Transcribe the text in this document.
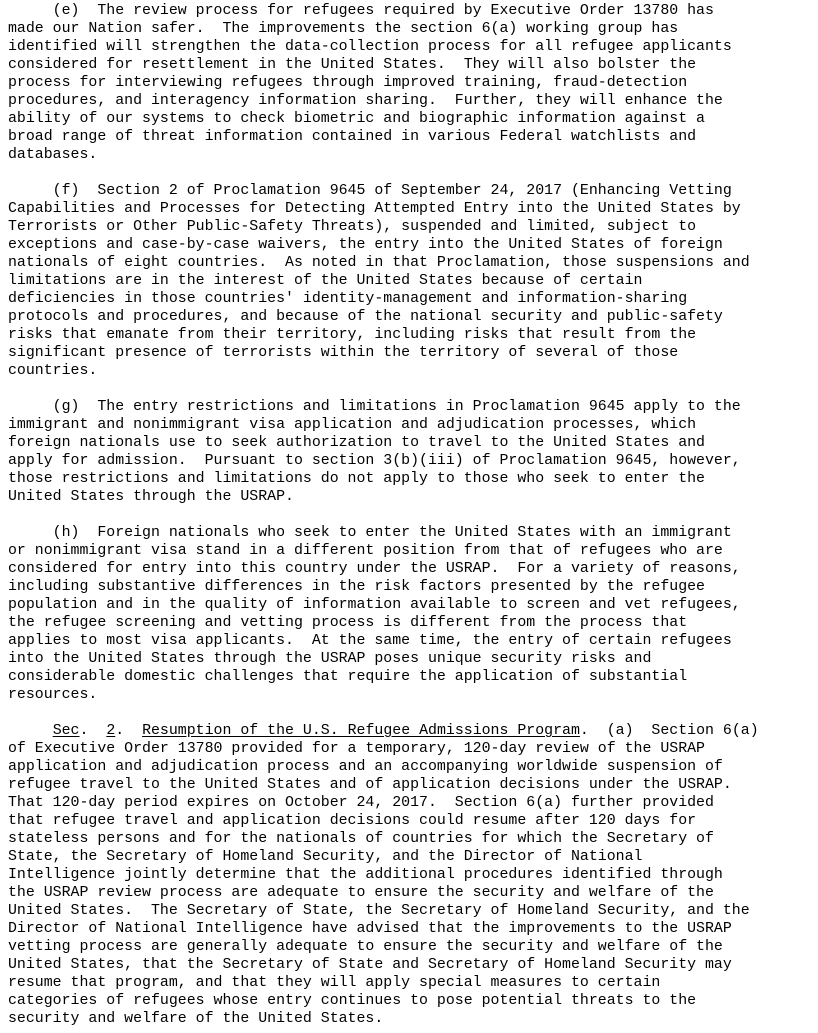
(e)  The review process for refugees required by Executive Order 13780 has
made our Nation safer.  The improvements the section 6(a) working group has
identified will strengthen the data-collection process for all refugee applicants
considered for resettlement in the United States.  They will also bolster the
process for interviewing refugees through improved training, fraud-detection
procedures, and interagency information sharing.  Further, they will enhance the
ability of our systems to check biometric and biographic information against a
broad range of threat information contained in various Federal watchlists and
databases.
(f)  Section 2 of Proclamation 9645 of September 24, 2017 (Enhancing Vetting
Capabilities and Processes for Detecting Attempted Entry into the United States by
Terrorists or Other Public-Safety Threats), suspended and limited, subject to
exceptions and case-by-case waivers, the entry into the United States of foreign
nationals of eight countries.  As noted in that Proclamation, those suspensions and
limitations are in the interest of the United States because of certain
deficiencies in those countries' identity-management and information-sharing
protocols and procedures, and because of the national security and public-safety
risks that emanate from their territory, including risks that result from the
significant presence of terrorists within the territory of several of those
countries.
(g)  The entry restrictions and limitations in Proclamation 9645 apply to the
immigrant and nonimmigrant visa application and adjudication processes, which
foreign nationals use to seek authorization to travel to the United States and
apply for admission.  Pursuant to section 3(b)(iii) of Proclamation 9645, however,
those restrictions and limitations do not apply to those who seek to enter the
United States through the USRAP.
(h)  Foreign nationals who seek to enter the United States with an immigrant
or nonimmigrant visa stand in a different position from that of refugees who are
considered for entry into this country under the USRAP.  For a variety of reasons,
including substantive differences in the risk factors presented by the refugee
population and in the quality of information available to screen and vet refugees,
the refugee screening and vetting process is different from the process that
applies to most visa applicants.  At the same time, the entry of certain refugees
into the United States through the USRAP poses unique security risks and
considerable domestic challenges that require the application of substantial
resources.
Sec.  2.  Resumption of the U.S. Refugee Admissions Program.  (a)  Section 6(a)
of Executive Order 13780 provided for a temporary, 120-day review of the USRAP
application and adjudication process and an accompanying worldwide suspension of
refugee travel to the United States and of application decisions under the USRAP.
That 120-day period expires on October 24, 2017.  Section 6(a) further provided
that refugee travel and application decisions could resume after 120 days for
stateless persons and for the nationals of countries for which the Secretary of
State, the Secretary of Homeland Security, and the Director of National
Intelligence jointly determine that the additional procedures identified through
the USRAP review process are adequate to ensure the security and welfare of the
United States.  The Secretary of State, the Secretary of Homeland Security, and the
Director of National Intelligence have advised that the improvements to the USRAP
vetting process are generally adequate to ensure the security and welfare of the
United States, that the Secretary of State and Secretary of Homeland Security may
resume that program, and that they will apply special measures to certain
categories of refugees whose entry continues to pose potential threats to the
security and welfare of the United States.
